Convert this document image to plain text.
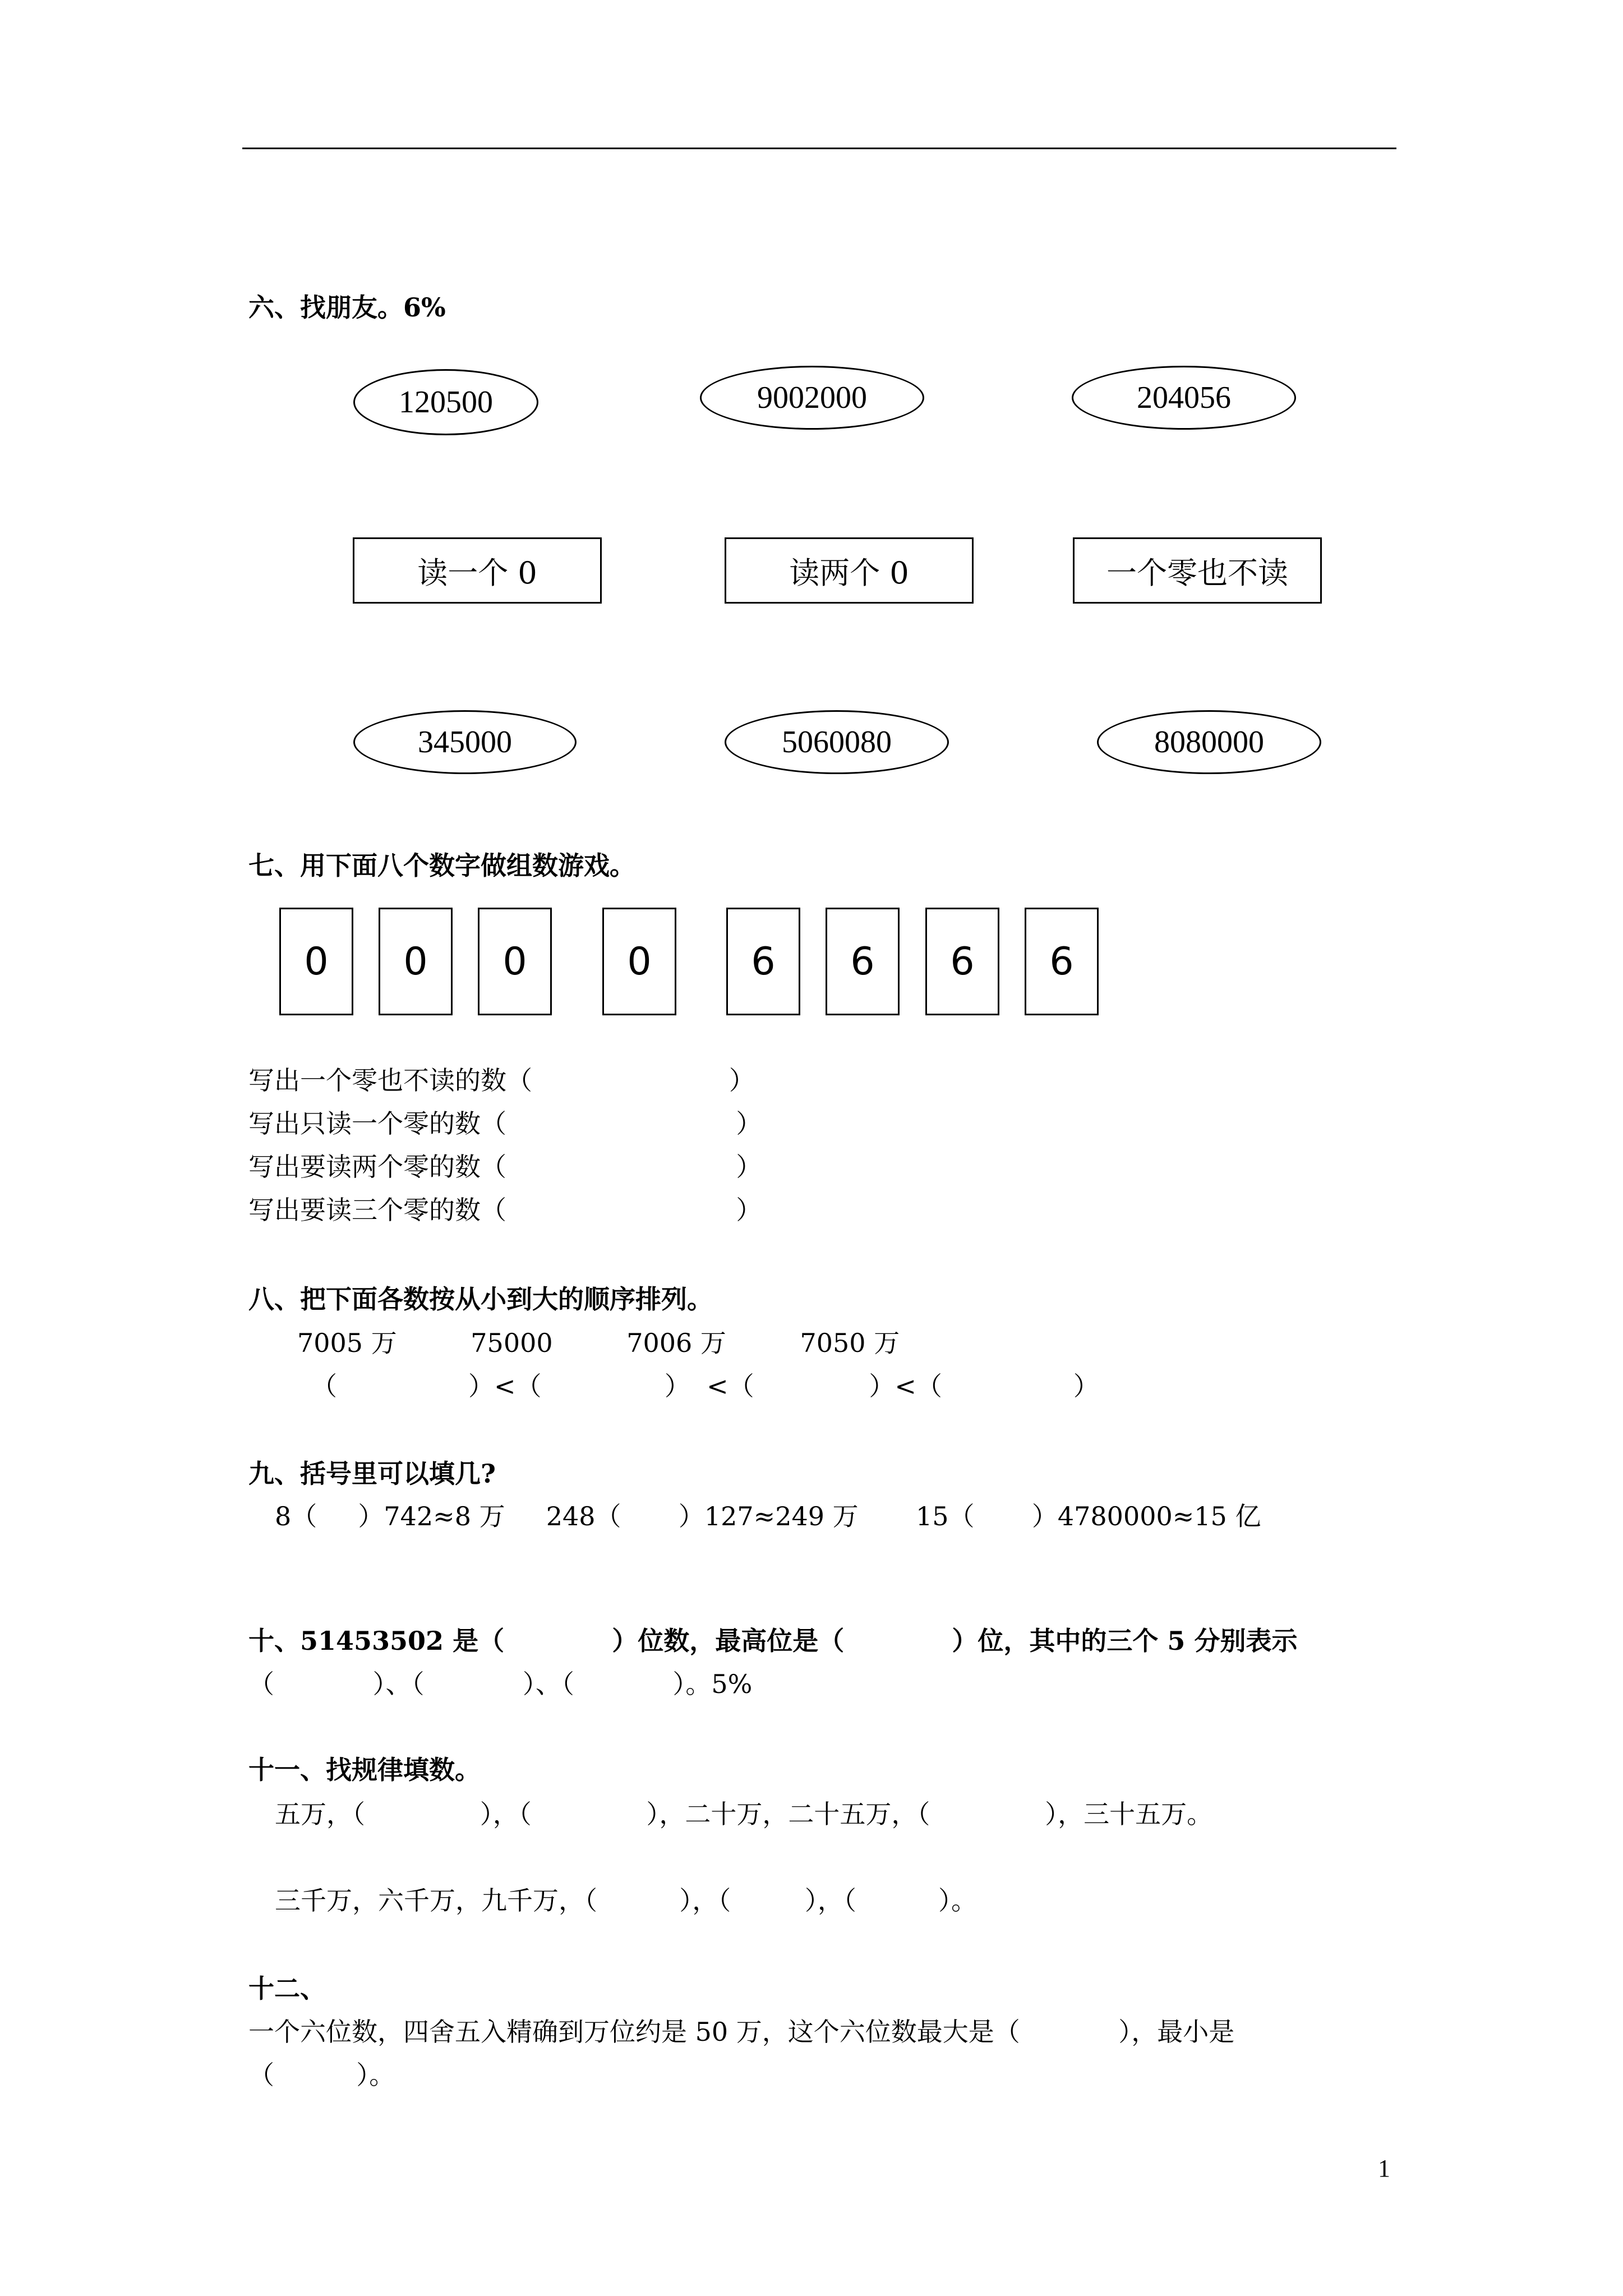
六、找朋友。6%
120500	9002000	204056
读一个 0	读两个 0	一个零也不读
345000	5060080	8080000
七、用下面八个数字做组数游戏。
0	0	0	0	6	6	6	6
写出一个零也不读的数（                        ）
写出只读一个零的数（                            ）
写出要读两个零的数（                            ）
写出要读三个零的数（                            ）
八、把下面各数按从小到大的顺序排列。
7005 万         75000         7006 万         7050 万
（                ）<（               ）  <（              ）<（                ）
九、括号里可以填几?
8（     ）742≈8 万     248（       ）127≈249 万       15（       ）4780000≈15 亿
十、51453502 是（            ）位数，最高位是（            ）位，其中的三个 5 分别表示
（            ）、（            ）、（            ）。5%
十一、找规律填数。
五万，（              ），（              ），二十万，二十五万，（              ），三十五万。
三千万，六千万，九千万，（          ），（         ），（          ）。
十二、
一个六位数，四舍五入精确到万位约是 50 万，这个六位数最大是（            ），最小是
（          ）。
1
